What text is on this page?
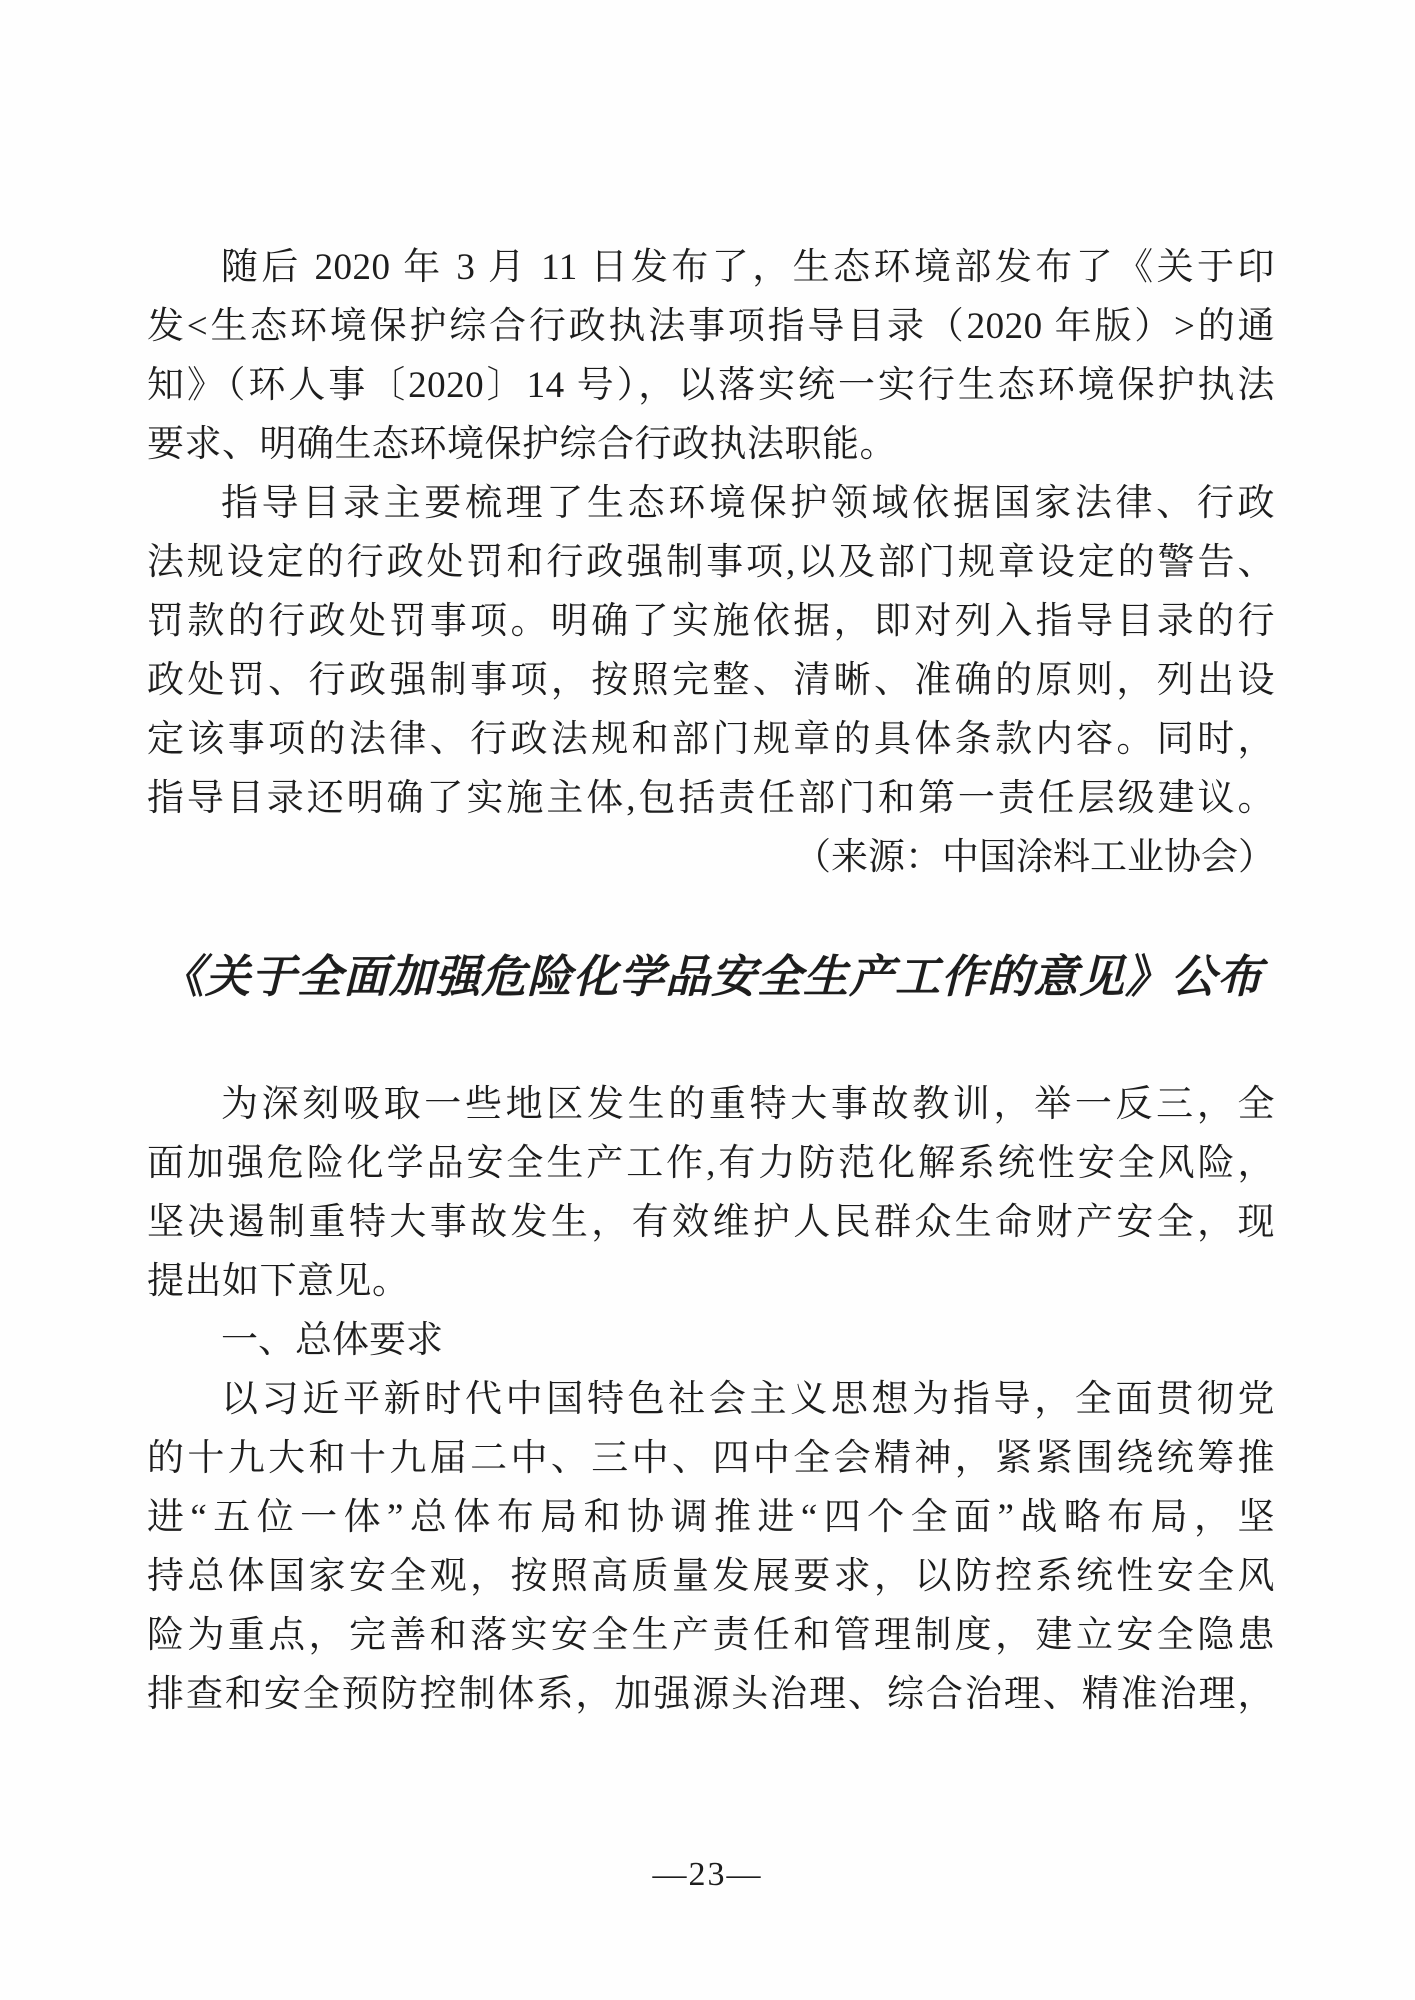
随后 2020 年 3 月 11 日发布了，生态环境部发布了《关于印
发<生态环境保护综合行政执法事项指导目录（2020 年版）>的通
知》（环人事〔2020〕14 号），以落实统一实行生态环境保护执法
要求、明确生态环境保护综合行政执法职能。
指导目录主要梳理了生态环境保护领域依据国家法律、行政
法规设定的行政处罚和行政强制事项,以及部门规章设定的警告、
罚款的行政处罚事项。明确了实施依据，即对列入指导目录的行
政处罚、行政强制事项，按照完整、清晰、准确的原则，列出设
定该事项的法律、行政法规和部门规章的具体条款内容。同时，
指导目录还明确了实施主体,包括责任部门和第一责任层级建议。
（来源：中国涂料工业协会）
《关于全面加强危险化学品安全生产工作的意见》公布
为深刻吸取一些地区发生的重特大事故教训，举一反三，全
面加强危险化学品安全生产工作,有力防范化解系统性安全风险，
坚决遏制重特大事故发生，有效维护人民群众生命财产安全，现
提出如下意见。
一、总体要求
以习近平新时代中国特色社会主义思想为指导，全面贯彻党
的十九大和十九届二中、三中、四中全会精神，紧紧围绕统筹推
进“五位一体”总体布局和协调推进“四个全面”战略布局，坚
持总体国家安全观，按照高质量发展要求，以防控系统性安全风
险为重点，完善和落实安全生产责任和管理制度，建立安全隐患
排查和安全预防控制体系，加强源头治理、综合治理、精准治理，
—23—
